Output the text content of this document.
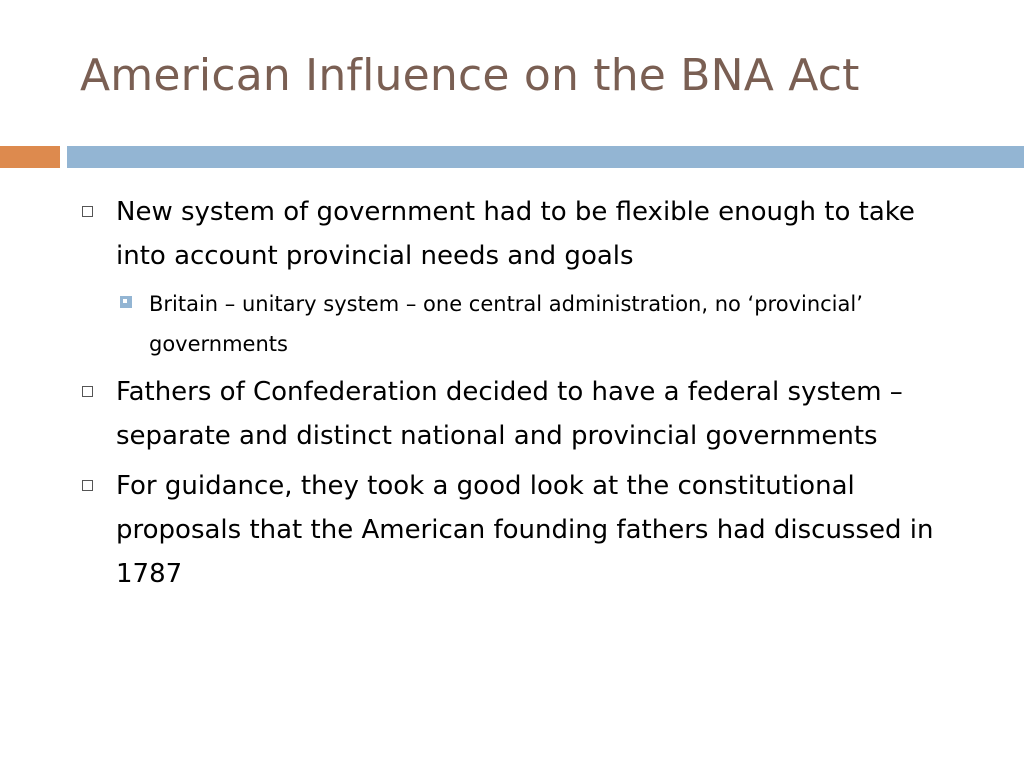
American Influence on the BNA Act
New system of government had to be flexible enough to take into account provincial needs and goals
Britain – unitary system – one central administration, no ‘provincial’ governments
Fathers of Confederation decided to have a federal system – separate and distinct national and provincial governments
For guidance, they took a good look at the constitutional proposals that the American founding fathers had discussed in 1787
